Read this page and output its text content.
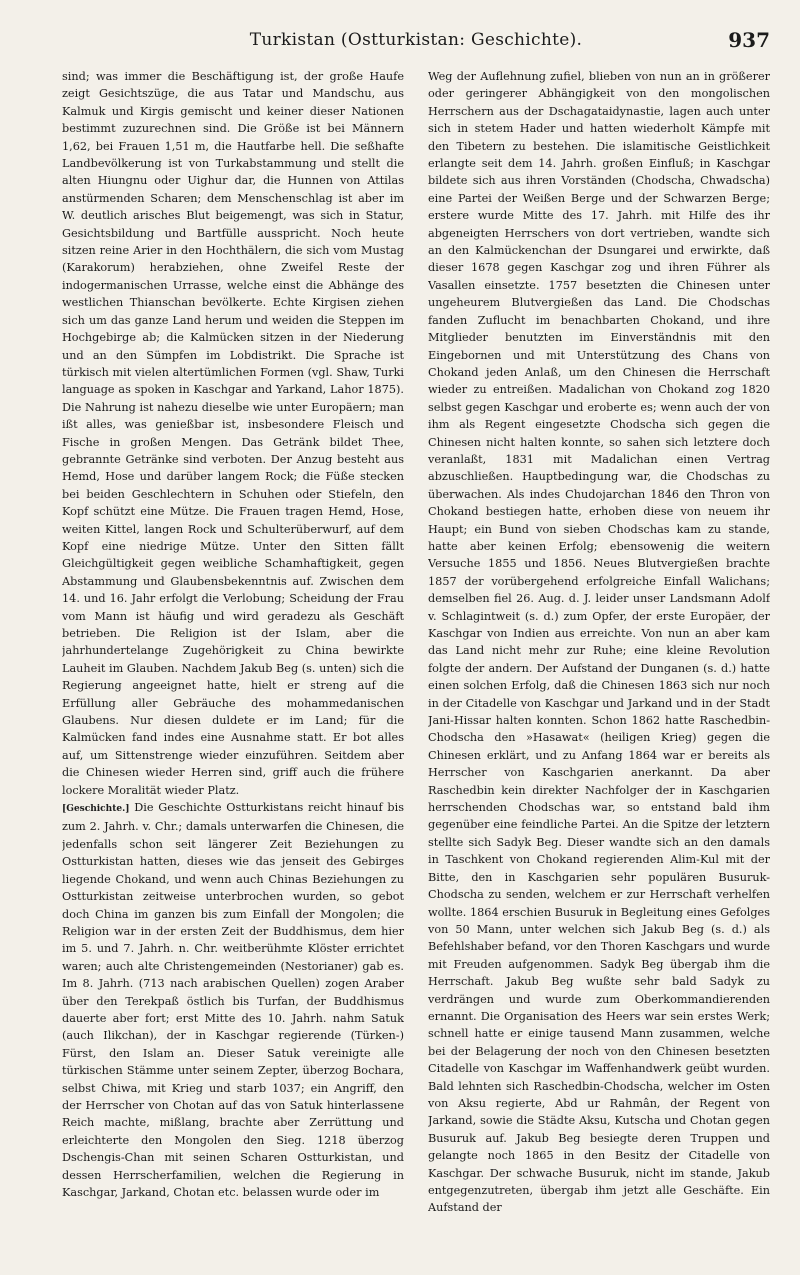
Turkistan (Ostturkistan: Geschichte).	937

sind; was immer die Beschäftigung ist, der große Haufe zeigt Gesichtszüge, die aus Tatar und Mandschu, aus Kalmuk und Kirgis gemischt und keiner dieser Nationen bestimmt zuzurechnen sind. Die Größe ist bei Männern 1,62, bei Frauen 1,51 m, die Hautfarbe hell. Die seßhafte Landbevölkerung ist von Turkabstammung und stellt die alten Hiungnu oder Uighur dar, die Hunnen von Attilas anstürmenden Scharen; dem Menschenschlag ist aber im W. deutlich arisches Blut beigemengt, was sich in Statur, Gesichtsbildung und Bartfülle ausspricht. Noch heute sitzen reine Arier in den Hochthälern, die sich vom Mustag (Karakorum) herabziehen, ohne Zweifel Reste der indogermanischen Urrasse, welche einst die Abhänge des westlichen Thianschan bevölkerte. Echte Kirgisen ziehen sich um das ganze Land herum und weiden die Steppen im Hochgebirge ab; die Kalmücken sitzen in der Niederung und an den Sümpfen im Lobdistrikt. Die Sprache ist türkisch mit vielen altertümlichen Formen (vgl. Shaw, Turki language as spoken in Kaschgar and Yarkand, Lahor 1875). Die Nahrung ist nahezu dieselbe wie unter Europäern; man ißt alles, was genießbar ist, insbesondere Fleisch und Fische in großen Mengen. Das Getränk bildet Thee, gebrannte Getränke sind verboten. Der Anzug besteht aus Hemd, Hose und darüber langem Rock; die Füße stecken bei beiden Geschlechtern in Schuhen oder Stiefeln, den Kopf schützt eine Mütze. Die Frauen tragen Hemd, Hose, weiten Kittel, langen Rock und Schulterüberwurf, auf dem Kopf eine niedrige Mütze. Unter den Sitten fällt Gleichgültigkeit gegen weibliche Schamhaftigkeit, gegen Abstammung und Glaubensbekenntnis auf. Zwischen dem 14. und 16. Jahr erfolgt die Verlobung; Scheidung der Frau vom Mann ist häufig und wird geradezu als Geschäft betrieben. Die Religion ist der Islam, aber die jahrhundertelange Zugehörigkeit zu China bewirkte Lauheit im Glauben. Nachdem Jakub Beg (s. unten) sich die Regierung angeeignet hatte, hielt er streng auf die Erfüllung aller Gebräuche des mohammedanischen Glaubens. Nur diesen duldete er im Land; für die Kalmücken fand indes eine Ausnahme statt. Er bot alles auf, um Sittenstrenge wieder einzuführen. Seitdem aber die Chinesen wieder Herren sind, griff auch die frühere lockere Moralität wieder Platz.

[Geschichte.] Die Geschichte Ostturkistans reicht hinauf bis zum 2. Jahrh. v. Chr.; damals unterwarfen die Chinesen, die jedenfalls schon seit längerer Zeit Beziehungen zu Ostturkistan hatten, dieses wie das jenseit des Gebirges liegende Chokand, und wenn auch Chinas Beziehungen zu Ostturkistan zeitweise unterbrochen wurden, so gebot doch China im ganzen bis zum Einfall der Mongolen; die Religion war in der ersten Zeit der Buddhismus, dem hier im 5. und 7. Jahrh. n. Chr. weitberühmte Klöster errichtet waren; auch alte Christengemeinden (Nestorianer) gab es. Im 8. Jahrh. (713 nach arabischen Quellen) zogen Araber über den Terekpaß östlich bis Turfan, der Buddhismus dauerte aber fort; erst Mitte des 10. Jahrh. nahm Satuk (auch Ilikchan), der in Kaschgar regierende (Türken-) Fürst, den Islam an. Dieser Satuk vereinigte alle türkischen Stämme unter seinem Zepter, überzog Bochara, selbst Chiwa, mit Krieg und starb 1037; ein Angriff, den der Herrscher von Chotan auf das von Satuk hinterlassene Reich machte, mißlang, brachte aber Zerrüttung und erleichterte den Mongolen den Sieg. 1218 überzog Dschengis-Chan mit seinen Scharen Ostturkistan, und dessen Herrscherfamilien, welchen die Regierung in Kaschgar, Jarkand, Chotan etc. belassen wurde oder im

Weg der Auflehnung zufiel, blieben von nun an in größerer oder geringerer Abhängigkeit von den mongolischen Herrschern aus der Dschagataidynastie, lagen auch unter sich in stetem Hader und hatten wiederholt Kämpfe mit den Tibetern zu bestehen. Die islamitische Geistlichkeit erlangte seit dem 14. Jahrh. großen Einfluß; in Kaschgar bildete sich aus ihren Vorständen (Chodscha, Chwadscha) eine Partei der Weißen Berge und der Schwarzen Berge; erstere wurde Mitte des 17. Jahrh. mit Hilfe des ihr abgeneigten Herrschers von dort vertrieben, wandte sich an den Kalmückenchan der Dsungarei und erwirkte, daß dieser 1678 gegen Kaschgar zog und ihren Führer als Vasallen einsetzte. 1757 besetzten die Chinesen unter ungeheurem Blutvergießen das Land. Die Chodschas fanden Zuflucht im benachbarten Chokand, und ihre Mitglieder benutzten im Einverständnis mit den Eingebornen und mit Unterstützung des Chans von Chokand jeden Anlaß, um den Chinesen die Herrschaft wieder zu entreißen. Madalichan von Chokand zog 1820 selbst gegen Kaschgar und eroberte es; wenn auch der von ihm als Regent eingesetzte Chodscha sich gegen die Chinesen nicht halten konnte, so sahen sich letztere doch veranlaßt, 1831 mit Madalichan einen Vertrag abzuschließen. Hauptbedingung war, die Chodschas zu überwachen. Als indes Chudojarchan 1846 den Thron von Chokand bestiegen hatte, erhoben diese von neuem ihr Haupt; ein Bund von sieben Chodschas kam zu stande, hatte aber keinen Erfolg; ebensowenig die weitern Versuche 1855 und 1856. Neues Blutvergießen brachte 1857 der vorübergehend erfolgreiche Einfall Walichans; demselben fiel 26. Aug. d. J. leider unser Landsmann Adolf v. Schlagintweit (s. d.) zum Opfer, der erste Europäer, der Kaschgar von Indien aus erreichte. Von nun an aber kam das Land nicht mehr zur Ruhe; eine kleine Revolution folgte der andern. Der Aufstand der Dunganen (s. d.) hatte einen solchen Erfolg, daß die Chinesen 1863 sich nur noch in der Citadelle von Kaschgar und Jarkand und in der Stadt Jani-Hissar halten konnten. Schon 1862 hatte Raschedbin-Chodscha den »Hasawat« (heiligen Krieg) gegen die Chinesen erklärt, und zu Anfang 1864 war er bereits als Herrscher von Kaschgarien anerkannt. Da aber Raschedbin kein direkter Nachfolger der in Kaschgarien herrschenden Chodschas war, so entstand bald ihm gegenüber eine feindliche Partei. An die Spitze der letztern stellte sich Sadyk Beg. Dieser wandte sich an den damals in Taschkent von Chokand regierenden Alim-Kul mit der Bitte, den in Kaschgarien sehr populären Busuruk-Chodscha zu senden, welchem er zur Herrschaft verhelfen wollte. 1864 erschien Busuruk in Begleitung eines Gefolges von 50 Mann, unter welchen sich Jakub Beg (s. d.) als Befehlshaber befand, vor den Thoren Kaschgars und wurde mit Freuden aufgenommen. Sadyk Beg übergab ihm die Herrschaft. Jakub Beg wußte sehr bald Sadyk zu verdrängen und wurde zum Oberkommandierenden ernannt. Die Organisation des Heers war sein erstes Werk; schnell hatte er einige tausend Mann zusammen, welche bei der Belagerung der noch von den Chinesen besetzten Citadelle von Kaschgar im Waffenhandwerk geübt wurden. Bald lehnten sich Raschedbin-Chodscha, welcher im Osten von Aksu regierte, Abd ur Rahmân, der Regent von Jarkand, sowie die Städte Aksu, Kutscha und Chotan gegen Busuruk auf. Jakub Beg besiegte deren Truppen und gelangte noch 1865 in den Besitz der Citadelle von Kaschgar. Der schwache Busuruk, nicht im stande, Jakub entgegenzutreten, übergab ihm jetzt alle Geschäfte. Ein Aufstand der
